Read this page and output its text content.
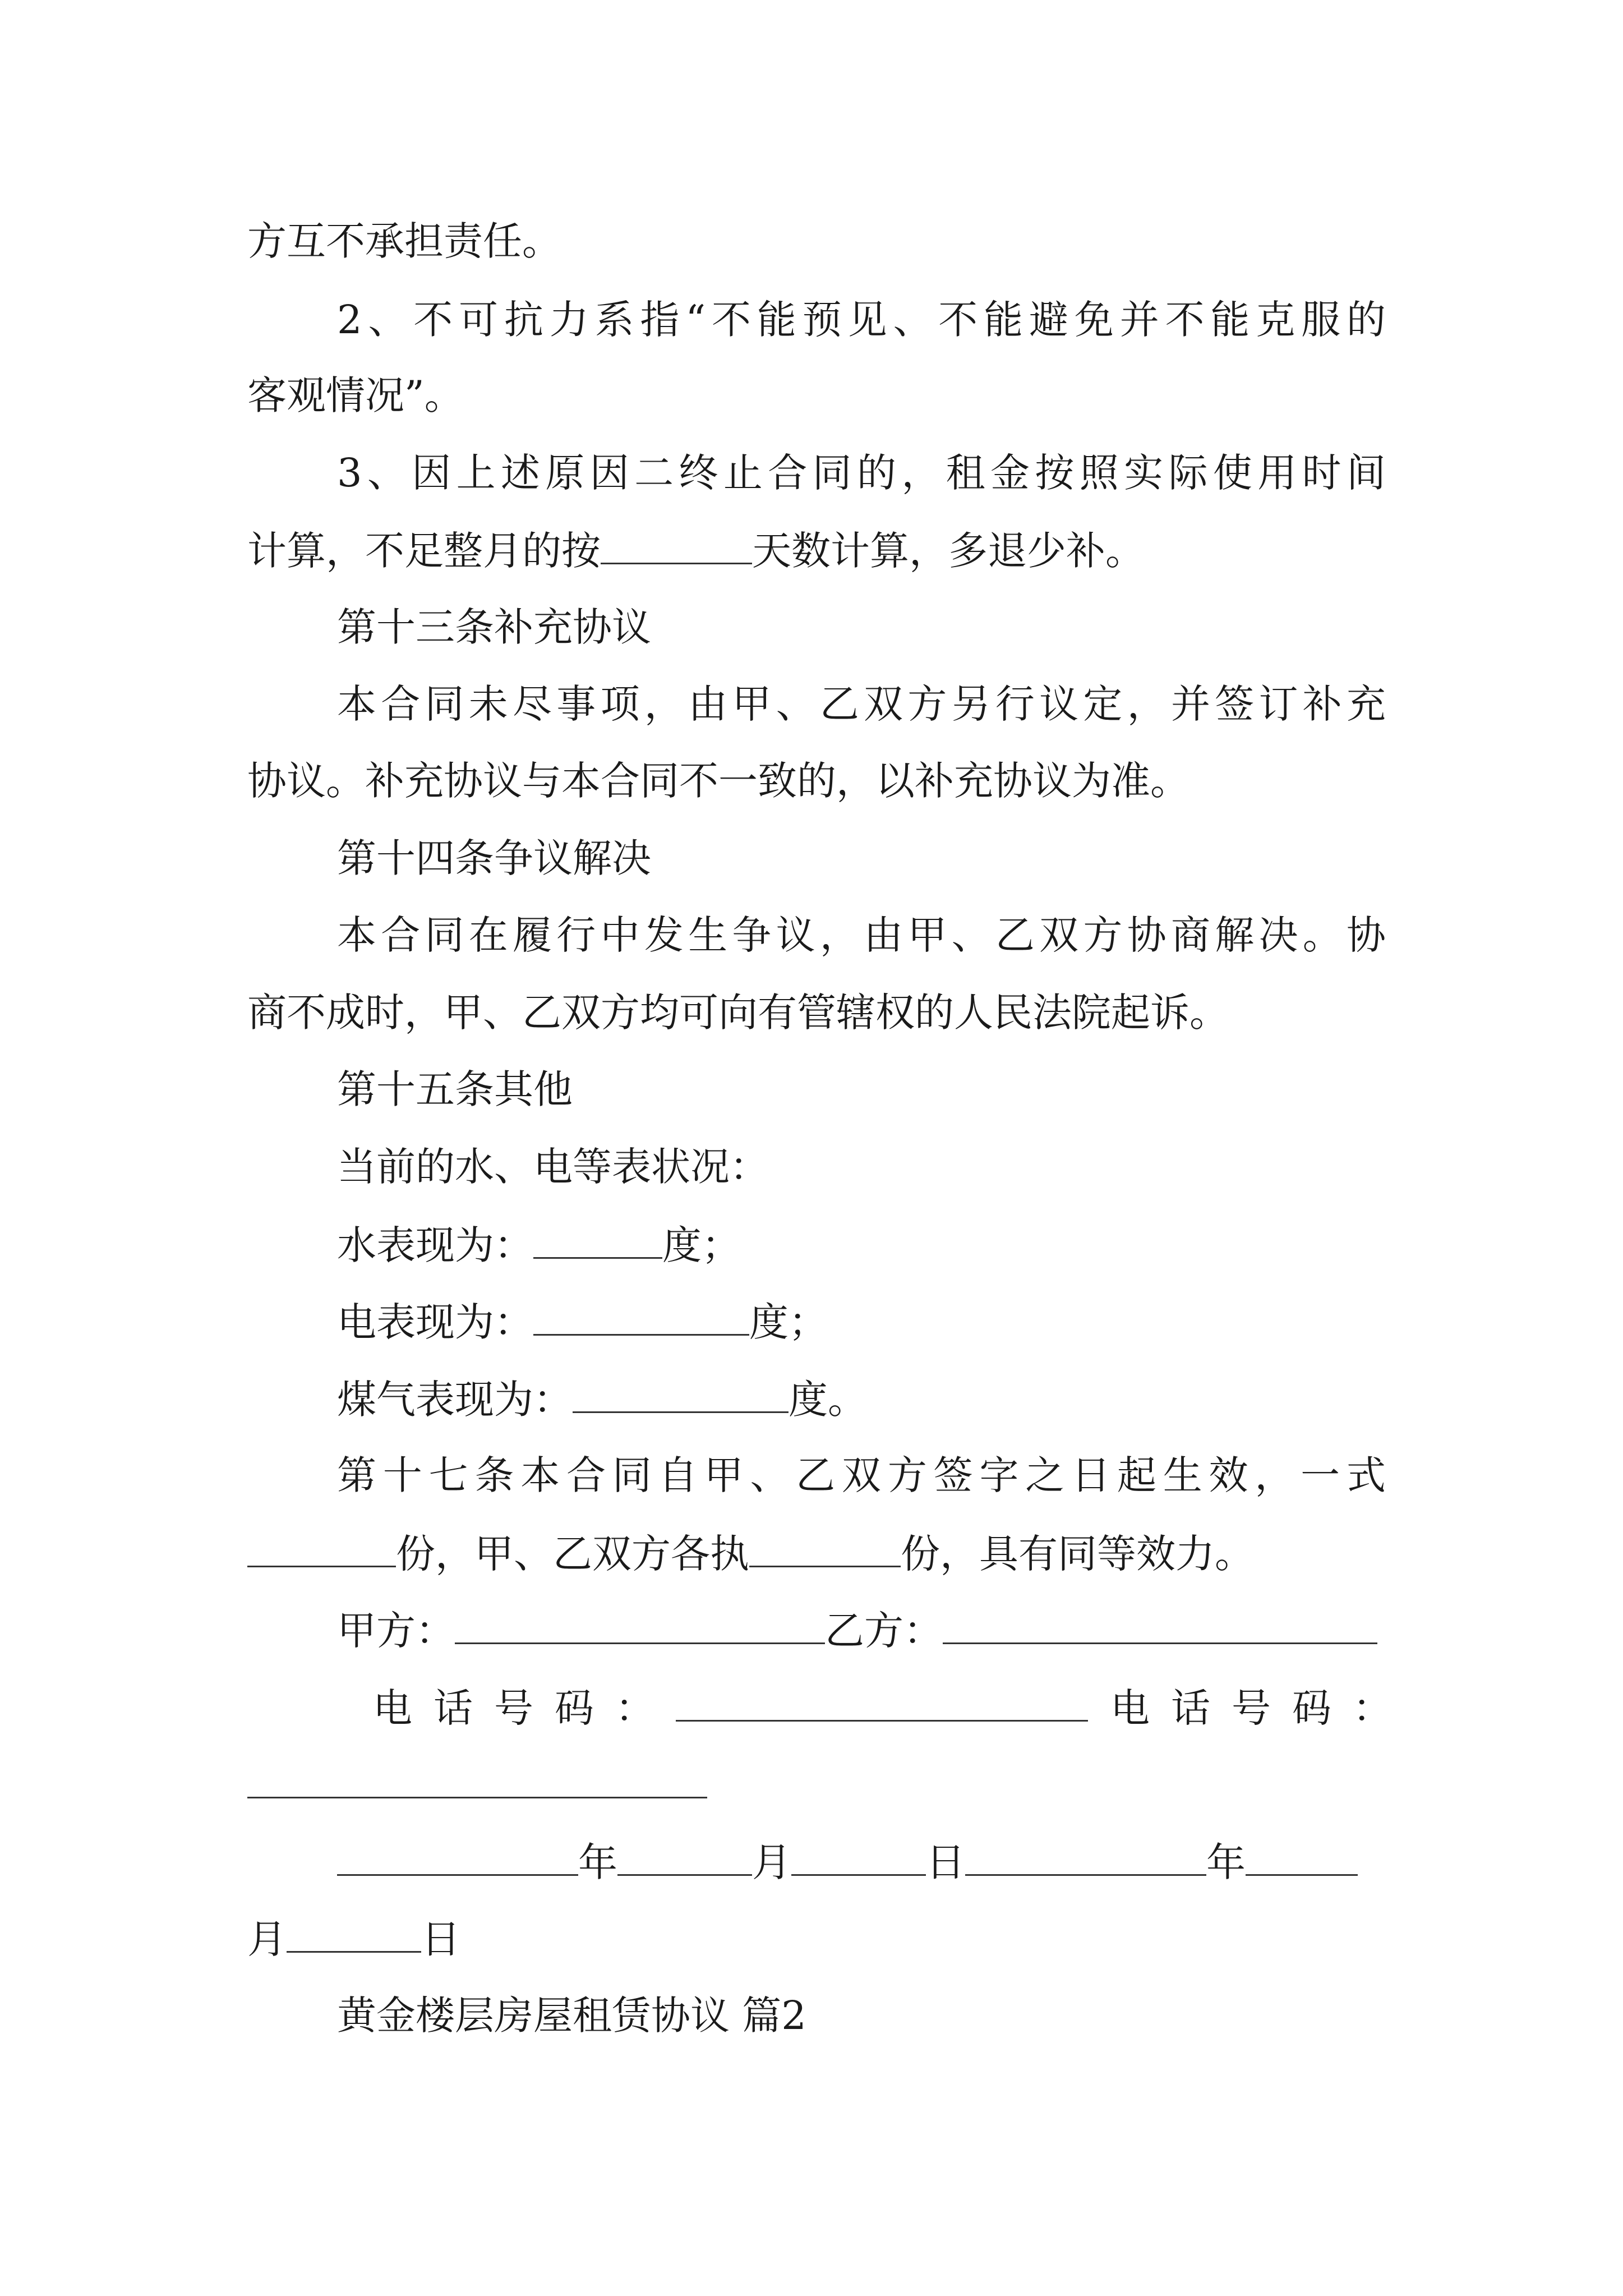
方互不承担责任。
2、不可抗力系指“不能预见、不能避免并不能克服的
客观情况”。
3、因上述原因二终止合同的，租金按照实际使用时间
计算，不足整月的按	天数计算，多退少补。
第十三条补充协议
本合同未尽事项，由甲、乙双方另行议定，并签订补充
协议。补充协议与本合同不一致的，以补充协议为准。
第十四条争议解决
本合同在履行中发生争议，由甲、乙双方协商解决。协
商不成时，甲、乙双方均可向有管辖权的人民法院起诉。
第十五条其他
当前的水、电等表状况：
水表现为：	度；
电表现为：	度；
煤气表现为：	度。
第十七条本合同自甲、乙双方签字之日起生效，一式
份，甲、乙双方各执	份，具有同等效力。
甲方：	乙方：
电话号码：	电话号码：
年	月	日	年
月	日
黄金楼层房屋租赁协议 篇2
